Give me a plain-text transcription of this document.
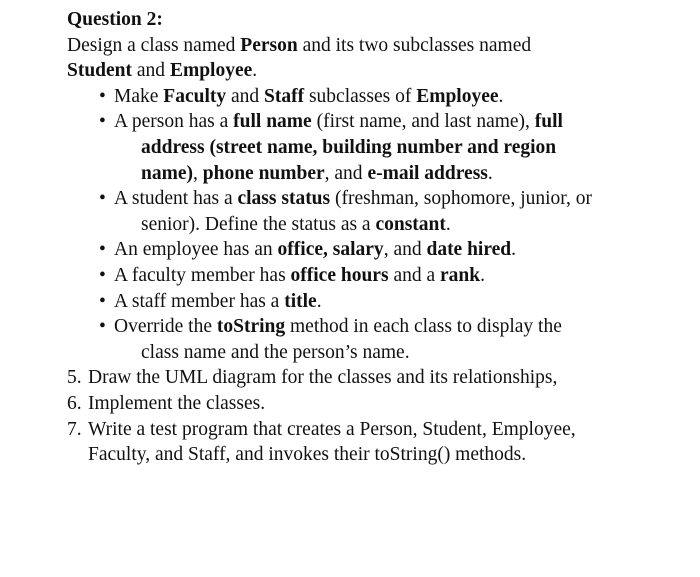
Question 2:
Design a class named Person and its two subclasses named
Student and Employee.
• Make Faculty and Staff subclasses of Employee.
• A person has a full name (first name, and last name), full
address (street name, building number and region
name), phone number, and e-mail address.
• A student has a class status (freshman, sophomore, junior, or
senior). Define the status as a constant.
• An employee has an office, salary, and date hired.
• A faculty member has office hours and a rank.
• A staff member has a title.
• Override the toString method in each class to display the
class name and the person’s name.
5. Draw the UML diagram for the classes and its relationships,
6. Implement the classes.
7. Write a test program that creates a Person, Student, Employee,
Faculty, and Staff, and invokes their toString() methods.
